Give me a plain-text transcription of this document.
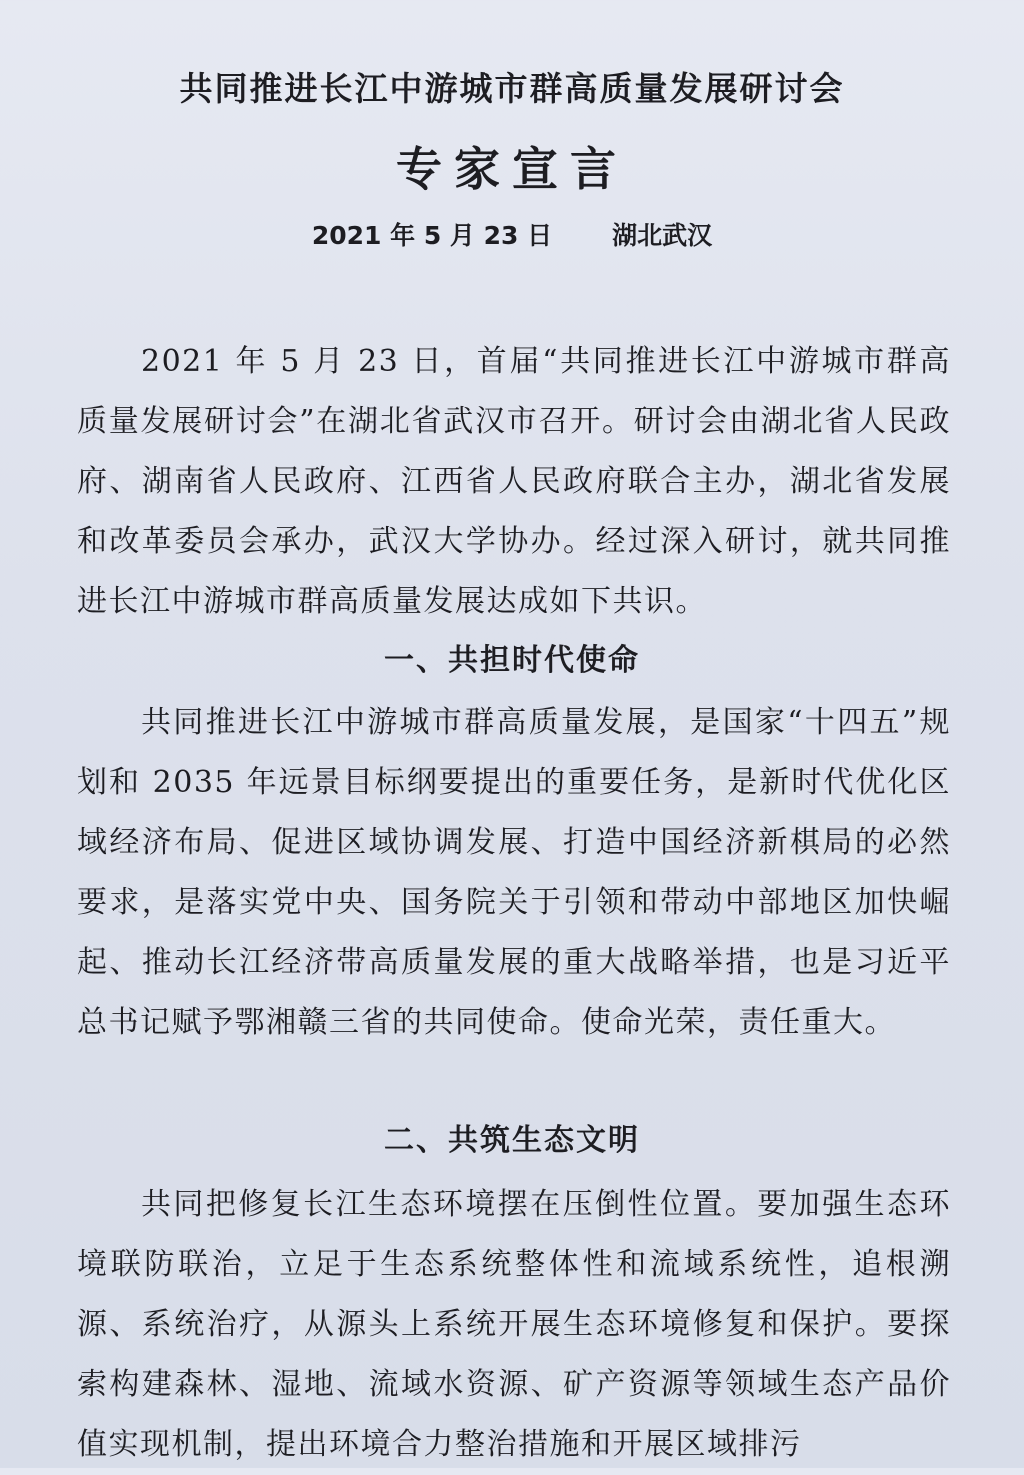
共同推进长江中游城市群高质量发展研讨会
专家宣言
2021 年 5 月 23 日 湖北武汉

2021 年 5 月 23 日，首届“共同推进长江中游城市群高质量发展研讨会”在湖北省武汉市召开。研讨会由湖北省人民政府、湖南省人民政府、江西省人民政府联合主办，湖北省发展和改革委员会承办，武汉大学协办。经过深入研讨，就共同推进长江中游城市群高质量发展达成如下共识。

一、共担时代使命

共同推进长江中游城市群高质量发展，是国家“十四五”规划和 2035 年远景目标纲要提出的重要任务，是新时代优化区域经济布局、促进区域协调发展、打造中国经济新棋局的必然要求，是落实党中央、国务院关于引领和带动中部地区加快崛起、推动长江经济带高质量发展的重大战略举措，也是习近平总书记赋予鄂湘赣三省的共同使命。使命光荣，责任重大。

二、共筑生态文明

共同把修复长江生态环境摆在压倒性位置。要加强生态环境联防联治，立足于生态系统整体性和流域系统性，追根溯源、系统治疗，从源头上系统开展生态环境修复和保护。要探索构建森林、湿地、流域水资源、矿产资源等领域生态产品价值实现机制，提出环境合力整治措施和开展区域排污
